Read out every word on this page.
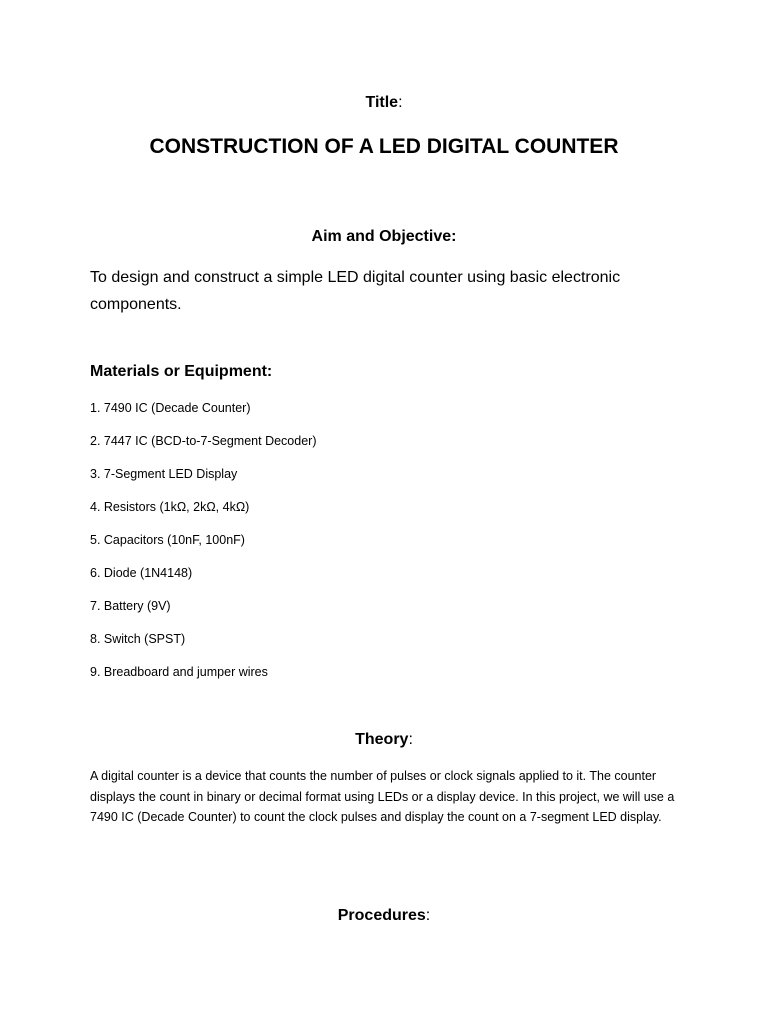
Title:
CONSTRUCTION OF A LED DIGITAL COUNTER
Aim and Objective:
To design and construct a simple LED digital counter using basic electronic components.
Materials or Equipment:
1. 7490 IC (Decade Counter)
2. 7447 IC (BCD-to-7-Segment Decoder)
3. 7-Segment LED Display
4. Resistors (1kΩ, 2kΩ, 4kΩ)
5. Capacitors (10nF, 100nF)
6. Diode (1N4148)
7. Battery (9V)
8. Switch (SPST)
9. Breadboard and jumper wires
Theory:
A digital counter is a device that counts the number of pulses or clock signals applied to it. The counter displays the count in binary or decimal format using LEDs or a display device. In this project, we will use a 7490 IC (Decade Counter) to count the clock pulses and display the count on a 7-segment LED display.
Procedures:
